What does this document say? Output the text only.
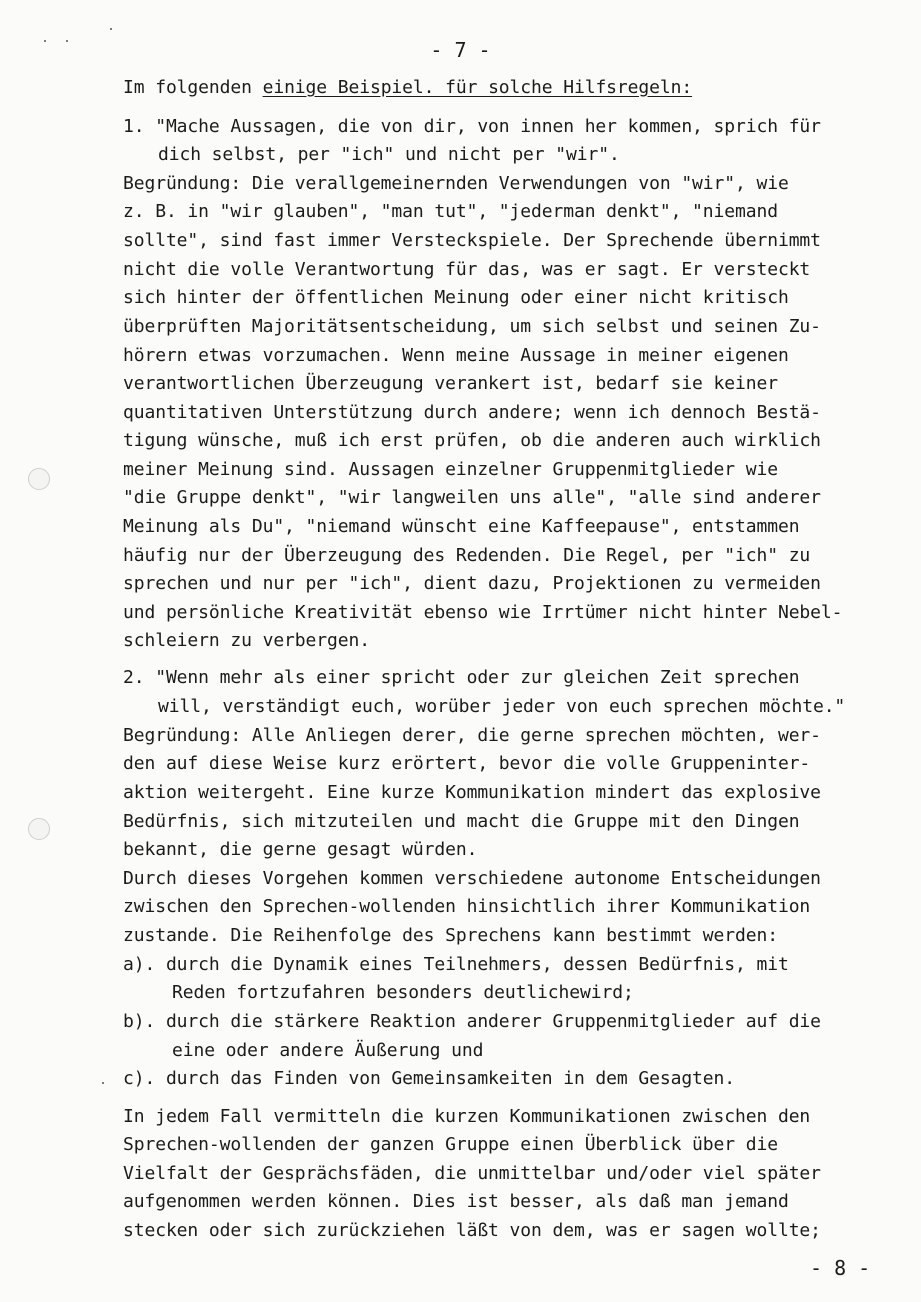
- 7 -
Im folgenden einige Beispiel. für solche Hilfsregeln:
1. "Mache Aussagen, die von dir, von innen her kommen, sprich für
dich selbst, per "ich" und nicht per "wir".
Begründung: Die verallgemeinernden Verwendungen von "wir", wie
z. B. in "wir glauben", "man tut", "jederman denkt", "niemand
sollte", sind fast immer Versteckspiele. Der Sprechende übernimmt
nicht die volle Verantwortung für das, was er sagt. Er versteckt
sich hinter der öffentlichen Meinung oder einer nicht kritisch
überprüften Majoritätsentscheidung, um sich selbst und seinen Zu-
hörern etwas vorzumachen. Wenn meine Aussage in meiner eigenen
verantwortlichen Überzeugung verankert ist, bedarf sie keiner
quantitativen Unterstützung durch andere; wenn ich dennoch Bestä-
tigung wünsche, muß ich erst prüfen, ob die anderen auch wirklich
meiner Meinung sind. Aussagen einzelner Gruppenmitglieder wie
"die Gruppe denkt", "wir langweilen uns alle", "alle sind anderer
Meinung als Du", "niemand wünscht eine Kaffeepause", entstammen
häufig nur der Überzeugung des Redenden. Die Regel, per "ich" zu
sprechen und nur per "ich", dient dazu, Projektionen zu vermeiden
und persönliche Kreativität ebenso wie Irrtümer nicht hinter Nebel-
schleiern zu verbergen.
2. "Wenn mehr als einer spricht oder zur gleichen Zeit sprechen
will, verständigt euch, worüber jeder von euch sprechen möchte."
Begründung: Alle Anliegen derer, die gerne sprechen möchten, wer-
den auf diese Weise kurz erörtert, bevor die volle Gruppeninter-
aktion weitergeht. Eine kurze Kommunikation mindert das explosive
Bedürfnis, sich mitzuteilen und macht die Gruppe mit den Dingen
bekannt, die gerne gesagt würden.
Durch dieses Vorgehen kommen verschiedene autonome Entscheidungen
zwischen den Sprechen-wollenden hinsichtlich ihrer Kommunikation
zustande. Die Reihenfolge des Sprechens kann bestimmt werden:
a). durch die Dynamik eines Teilnehmers, dessen Bedürfnis, mit
Reden fortzufahren besonders deutlichewird;
b). durch die stärkere Reaktion anderer Gruppenmitglieder auf die
eine oder andere Äußerung und
c). durch das Finden von Gemeinsamkeiten in dem Gesagten.
In jedem Fall vermitteln die kurzen Kommunikationen zwischen den
Sprechen-wollenden der ganzen Gruppe einen Überblick über die
Vielfalt der Gesprächsfäden, die unmittelbar und/oder viel später
aufgenommen werden können. Dies ist besser, als daß man jemand
stecken oder sich zurückziehen läßt von dem, was er sagen wollte;
- 8 -
